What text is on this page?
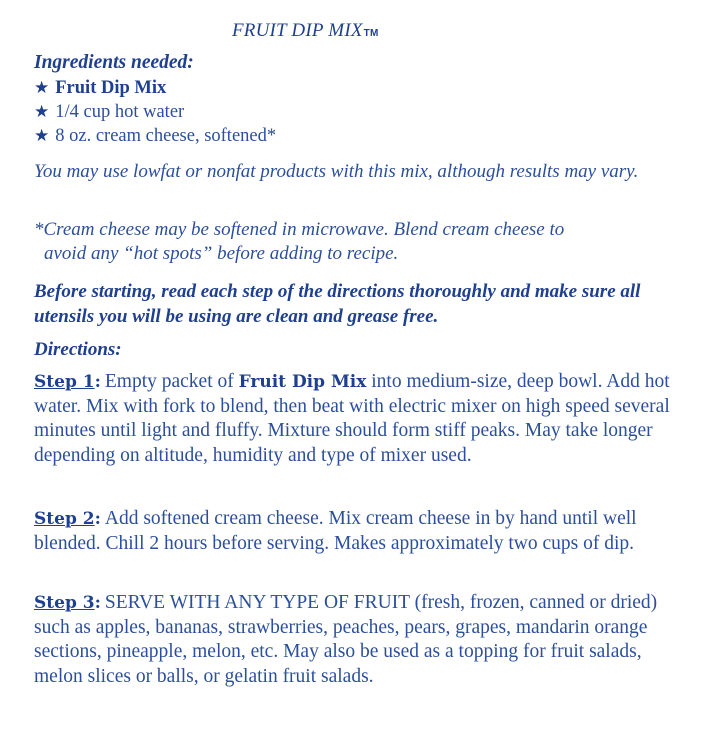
FRUIT DIP MIXTM
Ingredients needed:
★ Fruit Dip Mix
★ 1/4 cup hot water
★ 8 oz. cream cheese, softened*
You may use lowfat or nonfat products with this mix, although results may vary.
*Cream cheese may be softened in microwave. Blend cream cheese to
avoid any “hot spots” before adding to recipe.
Before starting, read each step of the directions thoroughly and make sure all utensils you will be using are clean and grease free.
Directions:
Step 1: Empty packet of Fruit Dip Mix into medium-size, deep bowl. Add hot water. Mix with fork to blend, then beat with electric mixer on high speed several minutes until light and fluffy. Mixture should form stiff peaks. May take longer depending on altitude, humidity and type of mixer used.
Step 2: Add softened cream cheese. Mix cream cheese in by hand until well blended. Chill 2 hours before serving. Makes approximately two cups of dip.
Step 3: SERVE WITH ANY TYPE OF FRUIT (fresh, frozen, canned or dried) such as apples, bananas, strawberries, peaches, pears, grapes, mandarin orange sections, pineapple, melon, etc. May also be used as a topping for fruit salads, melon slices or balls, or gelatin fruit salads.
